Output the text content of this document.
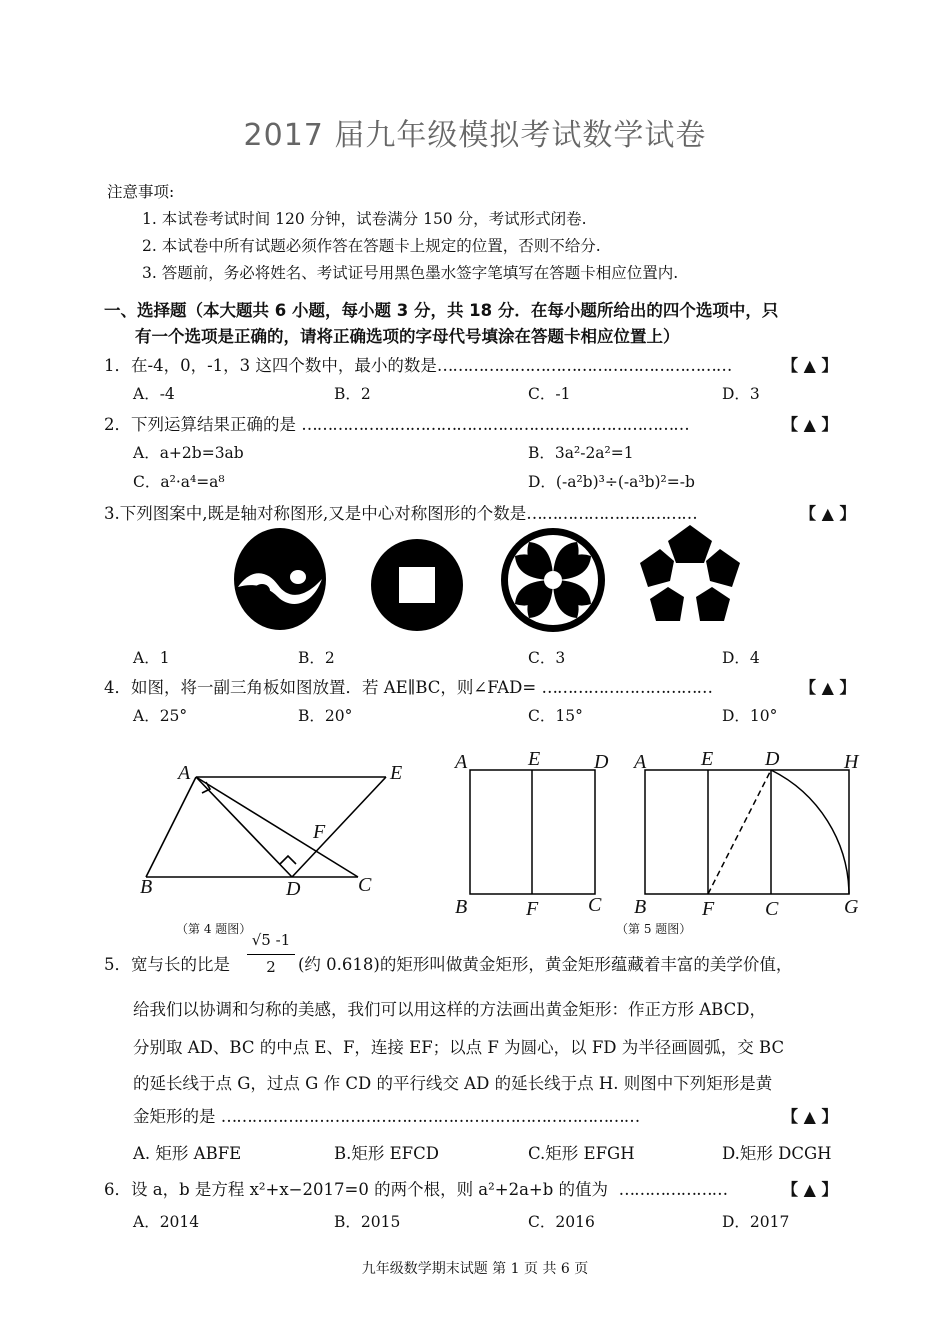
2017 届九年级模拟考试数学试卷
注意事项:
1. 本试卷考试时间 120 分钟，试卷满分 150 分，考试形式闭卷.
2. 本试卷中所有试题必须作答在答题卡上规定的位置，否则不给分.
3. 答题前，务必将姓名、考试证号用黑色墨水签字笔填写在答题卡相应位置内.
一、选择题（本大题共 6 小题，每小题 3 分，共 18 分．在每小题所给出的四个选项中，只
有一个选项是正确的，请将正确选项的字母代号填涂在答题卡相应位置上）
1．在-4，0，-1，3 这四个数中，最小的数是…………………………………………………	【 ▲ 】
A．-4	B．2	C．-1	D．3
2．下列运算结果正确的是 …………………………………………………………………	【 ▲ 】
A．a+2b=3ab	B．3a²-2a²=1
C．a²·a⁴=a⁸	D．(-a²b)³÷(-a³b)²=-b
3.下列图案中,既是轴对称图形,又是中心对称图形的个数是……………………………	【 ▲ 】
A．1	B．2	C．3	D．4
4．如图，将一副三角板如图放置．若 AE∥BC，则∠FAD= ……………………………	【 ▲ 】
A．25°	B．20°	C．15°	D．10°
A	E
F
B	D	C
（第 4 题图）
A	E	D
B	F C
A	E	D	H
B	F	C	G
（第 5 题图）
5．宽与长的比是
√5 -1
2	(约 0.618)的矩形叫做黄金矩形，黄金矩形蕴藏着丰富的美学价值，
给我们以协调和匀称的美感，我们可以用这样的方法画出黄金矩形：作正方形 ABCD，
分别取 AD、BC 的中点 E、F，连接 EF；以点 F 为圆心，以 FD 为半径画圆弧，交 BC
的延长线于点 G，过点 G 作 CD 的平行线交 AD 的延长线于点 H. 则图中下列矩形是黄
金矩形的是 ………………………………………………………………………	【 ▲ 】
A. 矩形 ABFE	B.矩形 EFCD	C.矩形 EFGH	D.矩形 DCGH
6．设 a，b 是方程 x²+x−2017=0 的两个根，则 a²+2a+b 的值为 …………………	【 ▲ 】
A．2014	B．2015	C．2016	D．2017
九年级数学期末试题 第 1 页 共 6 页
